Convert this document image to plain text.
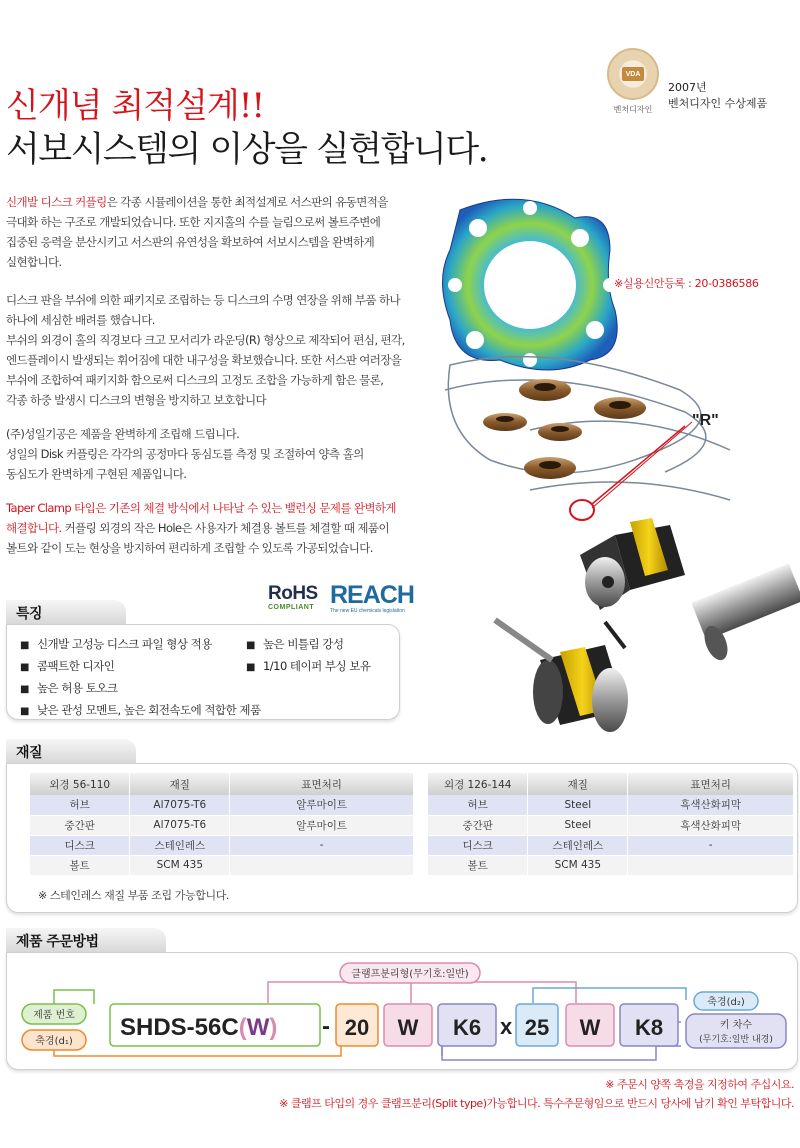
VDA
벤처디자인
2007년
벤처디자인 수상제품
신개념 최적설계!!
서보시스템의 이상을 실현합니다.
신개발 디스크 커플링은 각종 시뮬레이션을 통한 최적설계로 서스판의 유동면적을
극대화 하는 구조로 개발되었습니다. 또한 지지홀의 수를 늘림으로써 볼트주변에
집중된 응력을 분산시키고 서스판의 유연성을 확보하여 서보시스템을 완벽하게
실현합니다.
디스크 판을 부쉬에 의한 패키지로 조립하는 등 디스크의 수명 연장을 위해 부품 하나
하나에 세심한 배려를 했습니다.
부쉬의 외경이 홀의 직경보다 크고 모서리가 라운딩(R) 형상으로 제작되어 편심, 편각,
엔드플레이시 발생되는 휘어짐에 대한 내구성을 확보했습니다. 또한 서스판 여러장을
부쉬에 조합하여 패키지화 함으로써 디스크의 고정도 조합을 가능하게 함은 물론,
각종 하중 발생시 디스크의 변형을 방지하고 보호합니다
(주)성일기공은 제품을 완벽하게 조립해 드립니다.
성일의 Disk 커플링은 각각의 공정마다 동심도를 측정 및 조절하여 양측 홀의
동심도가 완벽하게 구현된 제품입니다.
Taper Clamp 타입은 기존의 체결 방식에서 나타날 수 있는 밸런싱 문제를 완벽하게
해결합니다. 커플링 외경의 작은 Hole은 사용자가 체결용 볼트를 체결할 때 제품이
볼트와 같이 도는 현상을 방지하여 편리하게 조립할 수 있도록 가공되었습니다.
"R"
※실용신안등록 : 20-0386586
RoHS
COMPLIANT REACH
The new EU chemicals legislation
특징
■ 신개발 고성능 디스크 파일 형상 적용
■ 콤팩트한 디자인
■ 높은 허용 토오크
■ 낮은 관성 모멘트, 높은 회전속도에 적합한 제품
■ 높은 비틀림 강성
■ 1/10 테이퍼 부싱 보유
재질
외경 56-110	재질	표면처리
허브	Al7075-T6	알루마이트
중간판	Al7075-T6	알루마이트
디스크	스테인레스	-
볼트	SCM 435	
외경 126-144	재질	표면처리
허브	Steel	흑색산화피막
중간판	Steel	흑색산화피막
디스크	스테인레스	-
볼트	SCM 435	
※ 스테인레스 재질 부품 조립 가능합니다.
제품 주문방법
클램프분리형(무기호:일반)
제품 번호
축경(d₁)
SHDS-56C(W) - 20 W K6 x 25 W K8
축경(d₂)
키 차수
(무기호:일반 내경)
※ 주문시 양쪽 축경을 지정하여 주십시요.
※ 클램프 타입의 경우 클램프분리(Split type)가능합니다. 특수주문형임으로 반드시 당사에 납기 확인 부탁합니다.
